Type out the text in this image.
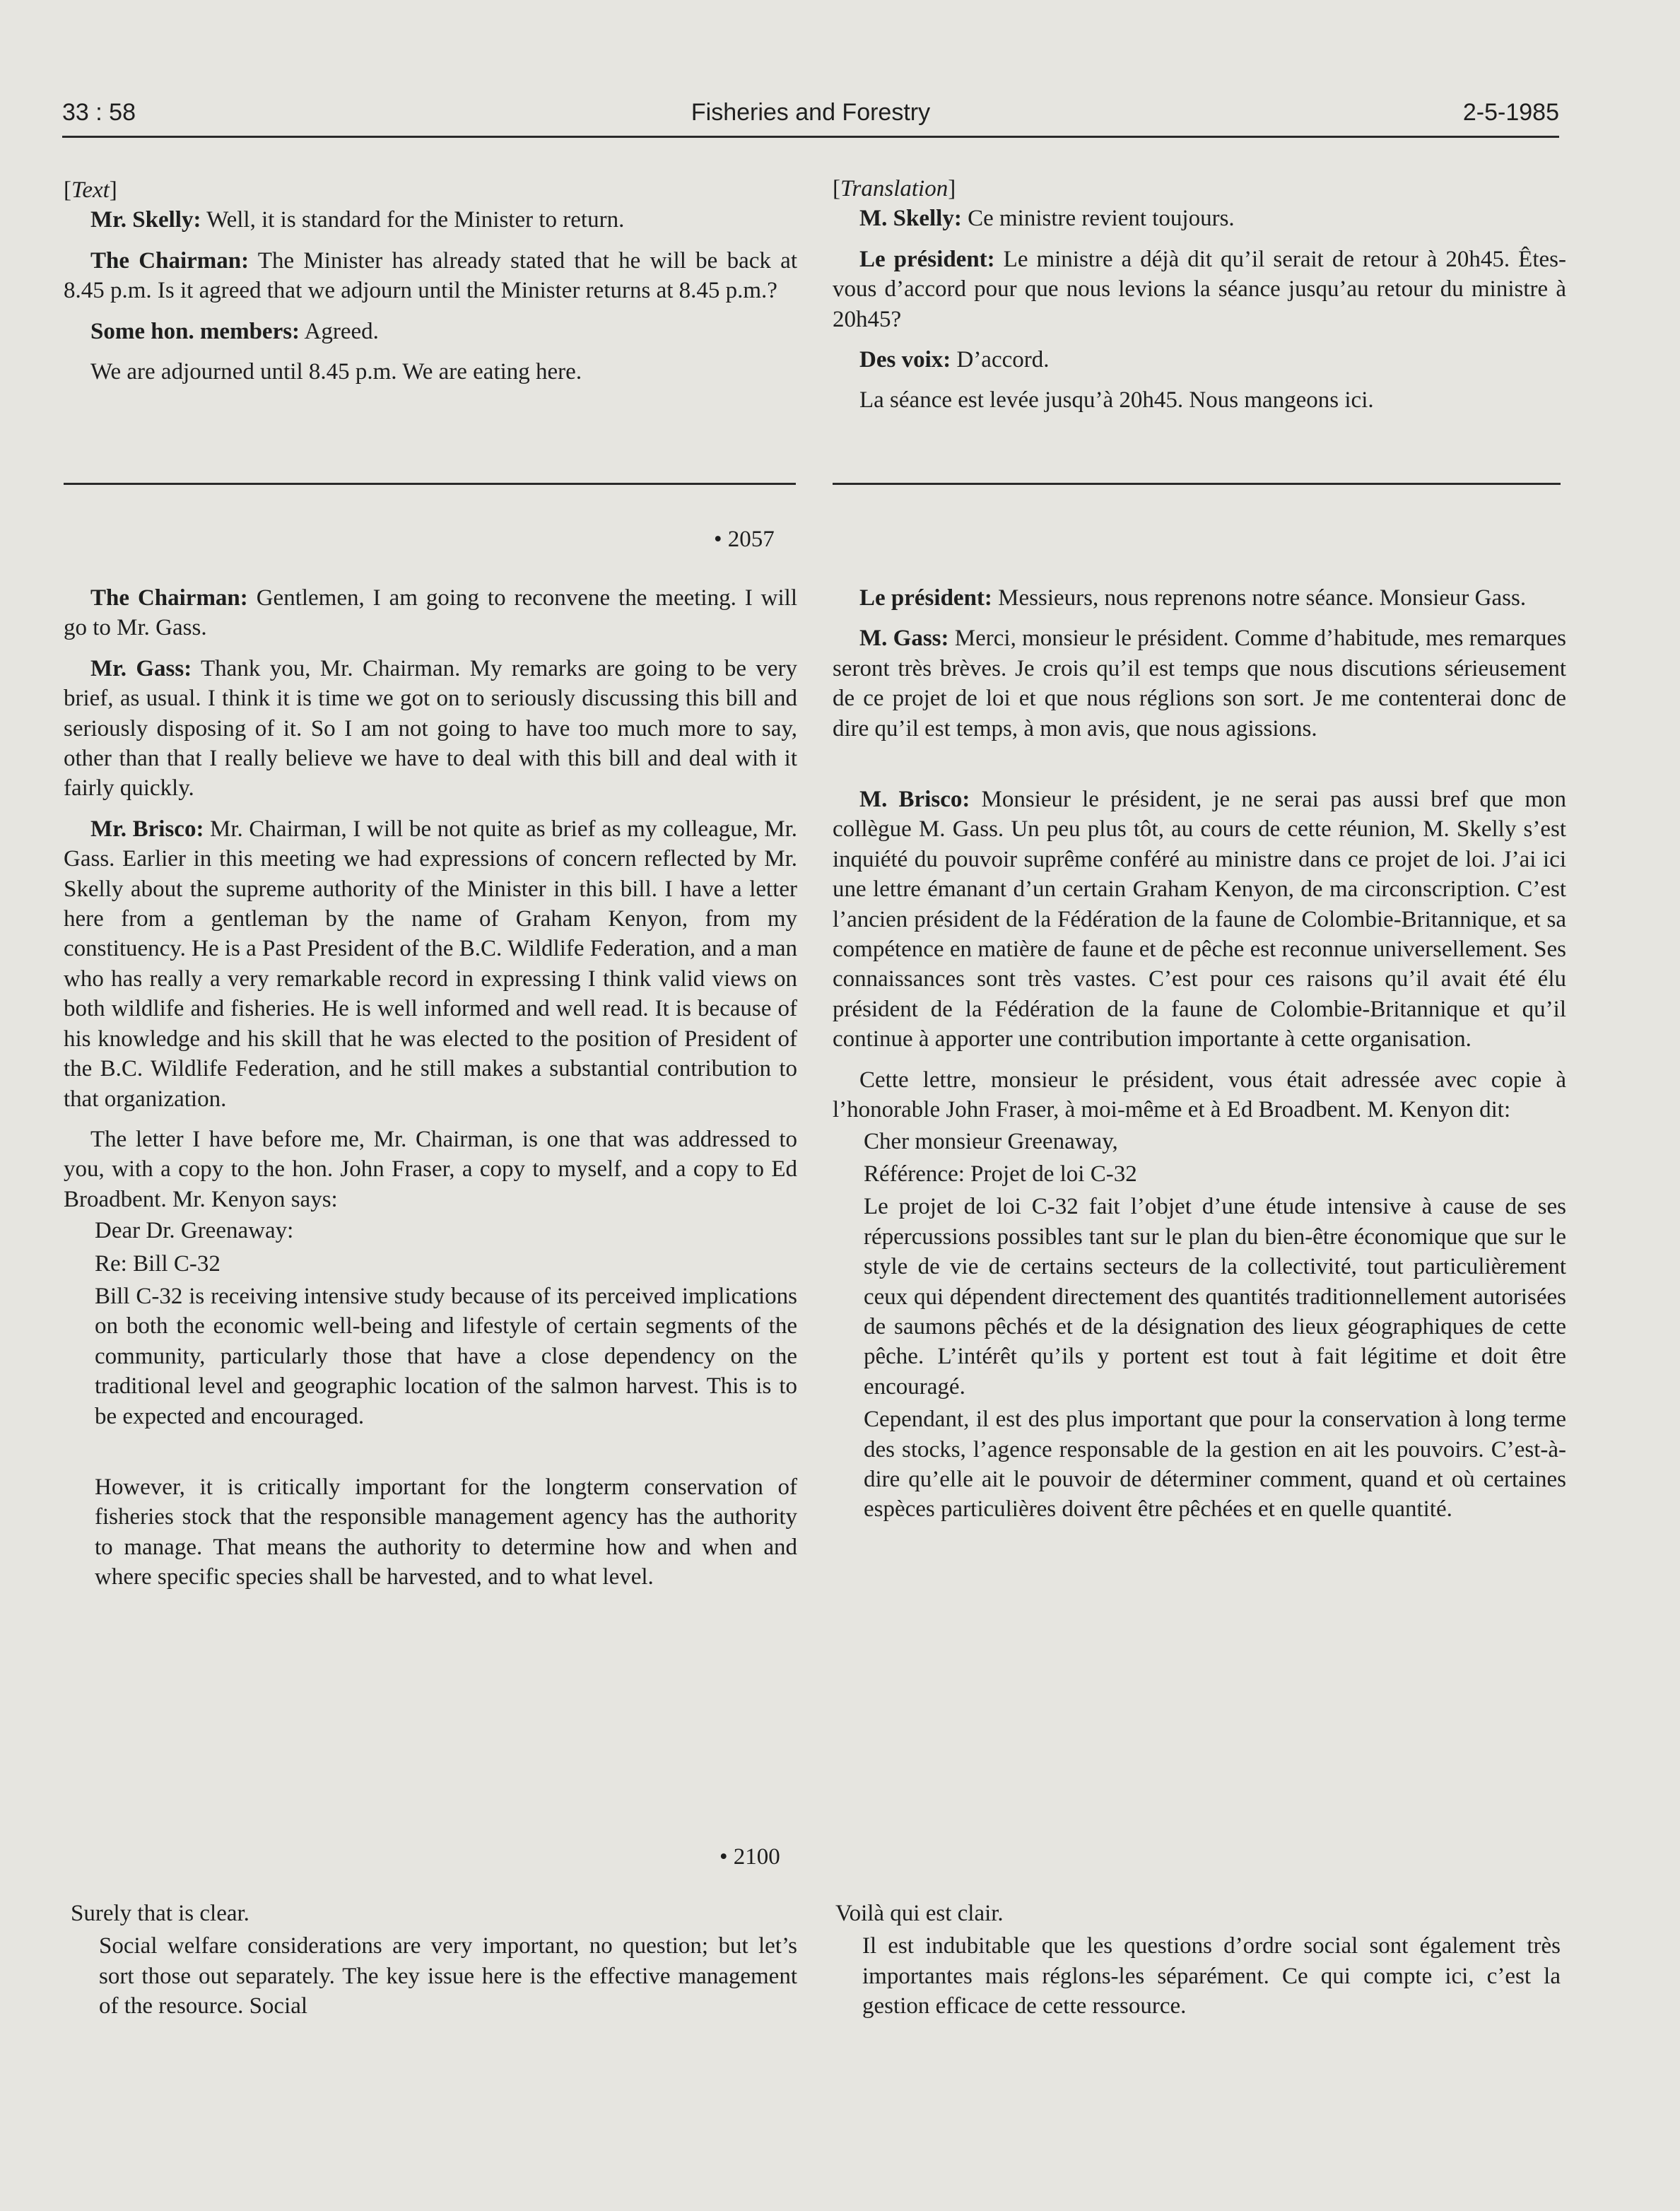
33 : 58	Fisheries and Forestry	2-5-1985

[Text]

Mr. Skelly: Well, it is standard for the Minister to return.

The Chairman: The Minister has already stated that he will be back at 8.45 p.m. Is it agreed that we adjourn until the Minister returns at 8.45 p.m.?

Some hon. members: Agreed.

We are adjourned until 8.45 p.m. We are eating here.

[Translation]

M. Skelly: Ce ministre revient toujours.

Le président: Le ministre a déjà dit qu’il serait de retour à 20h45. Êtes-vous d’accord pour que nous levions la séance jusqu’au retour du ministre à 20h45?

Des voix: D’accord.

La séance est levée jusqu’à 20h45. Nous mangeons ici.

• 2057

The Chairman: Gentlemen, I am going to reconvene the meeting. I will go to Mr. Gass.

Mr. Gass: Thank you, Mr. Chairman. My remarks are going to be very brief, as usual. I think it is time we got on to seriously discussing this bill and seriously disposing of it. So I am not going to have too much more to say, other than that I really believe we have to deal with this bill and deal with it fairly quickly.

Mr. Brisco: Mr. Chairman, I will be not quite as brief as my colleague, Mr. Gass. Earlier in this meeting we had expressions of concern reflected by Mr. Skelly about the supreme authority of the Minister in this bill. I have a letter here from a gentleman by the name of Graham Kenyon, from my constituency. He is a Past President of the B.C. Wildlife Federation, and a man who has really a very remarkable record in expressing I think valid views on both wildlife and fisheries. He is well informed and well read. It is because of his knowledge and his skill that he was elected to the position of President of the B.C. Wildlife Federation, and he still makes a substantial contribution to that organization.

The letter I have before me, Mr. Chairman, is one that was addressed to you, with a copy to the hon. John Fraser, a copy to myself, and a copy to Ed Broadbent. Mr. Kenyon says:

Dear Dr. Greenaway:

Re: Bill C-32

Bill C-32 is receiving intensive study because of its perceived implications on both the economic well-being and lifestyle of certain segments of the community, particularly those that have a close dependency on the traditional level and geographic location of the salmon harvest. This is to be expected and encouraged.

However, it is critically important for the longterm conservation of fisheries stock that the responsible management agency has the authority to manage. That means the authority to determine how and when and where specific species shall be harvested, and to what level.

Le président: Messieurs, nous reprenons notre séance. Monsieur Gass.

M. Gass: Merci, monsieur le président. Comme d’habitude, mes remarques seront très brèves. Je crois qu’il est temps que nous discutions sérieusement de ce projet de loi et que nous réglions son sort. Je me contenterai donc de dire qu’il est temps, à mon avis, que nous agissions.

M. Brisco: Monsieur le président, je ne serai pas aussi bref que mon collègue M. Gass. Un peu plus tôt, au cours de cette réunion, M. Skelly s’est inquiété du pouvoir suprême conféré au ministre dans ce projet de loi. J’ai ici une lettre émanant d’un certain Graham Kenyon, de ma circonscription. C’est l’ancien président de la Fédération de la faune de Colombie-Britannique, et sa compétence en matière de faune et de pêche est reconnue universellement. Ses connaissances sont très vastes. C’est pour ces raisons qu’il avait été élu président de la Fédération de la faune de Colombie-Britannique et qu’il continue à apporter une contribution importante à cette organisation.

Cette lettre, monsieur le président, vous était adressée avec copie à l’honorable John Fraser, à moi-même et à Ed Broadbent. M. Kenyon dit:

Cher monsieur Greenaway,

Référence: Projet de loi C-32

Le projet de loi C-32 fait l’objet d’une étude intensive à cause de ses répercussions possibles tant sur le plan du bien-être économique que sur le style de vie de certains secteurs de la collectivité, tout particulièrement ceux qui dépendent directement des quantités traditionnellement autorisées de saumons pêchés et de la désignation des lieux géographiques de cette pêche. L’intérêt qu’ils y portent est tout à fait légitime et doit être encouragé.

Cependant, il est des plus important que pour la conservation à long terme des stocks, l’agence responsable de la gestion en ait les pouvoirs. C’est-à-dire qu’elle ait le pouvoir de déterminer comment, quand et où certaines espèces particulières doivent être pêchées et en quelle quantité.

• 2100

Surely that is clear.

Social welfare considerations are very important, no question; but let’s sort those out separately. The key issue here is the effective management of the resource. Social

Voilà qui est clair.

Il est indubitable que les questions d’ordre social sont également très importantes mais réglons-les séparément. Ce qui compte ici, c’est la gestion efficace de cette ressource.
